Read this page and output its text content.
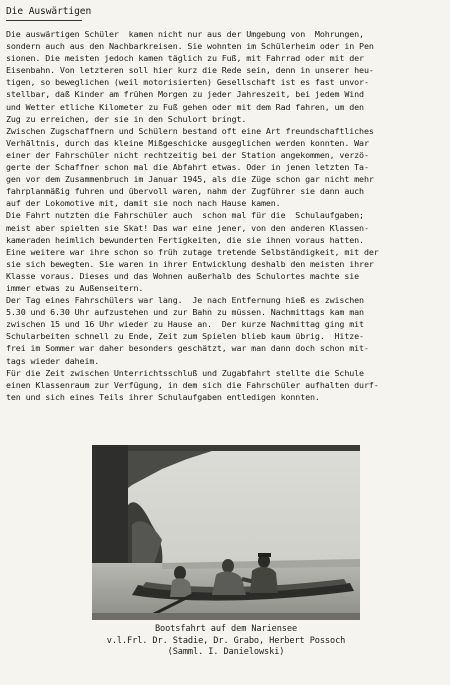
Die Auswärtigen
Die auswärtigen Schüler  kamen nicht nur aus der Umgebung von  Mohrungen,
sondern auch aus den Nachbarkreisen. Sie wohnten im Schülerheim oder in Pen
sionen. Die meisten jedoch kamen täglich zu Fuß, mit Fahrrad oder mit der
Eisenbahn. Von letzteren soll hier kurz die Rede sein, denn in unserer heu-
tigen, so beweglichen (weil motorisierten) Gesellschaft ist es fast unvor-
stellbar, daß Kinder am frühen Morgen zu jeder Jahreszeit, bei jedem Wind
und Wetter etliche Kilometer zu Fuß gehen oder mit dem Rad fahren, um den
Zug zu erreichen, der sie in den Schulort bringt.
Zwischen Zugschaffnern und Schülern bestand oft eine Art freundschaftliches
Verhältnis, durch das kleine Mißgeschicke ausgeglichen werden konnten. War
einer der Fahrschüler nicht rechtzeitig bei der Station angekommen, verzö-
gerte der Schaffner schon mal die Abfahrt etwas. Oder in jenen letzten Ta-
gen vor dem Zusammenbruch im Januar 1945, als die Züge schon gar nicht mehr
fahrplanmäßig fuhren und übervoll waren, nahm der Zugführer sie dann auch
auf der Lokomotive mit, damit sie noch nach Hause kamen.
Die Fahrt nutzten die Fahrschüler auch  schon mal für die  Schulaufgaben;
meist aber spielten sie Skat! Das war eine jener, von den anderen Klassen-
kameraden heimlich bewunderten Fertigkeiten, die sie ihnen voraus hatten.
Eine weitere war ihre schon so früh zutage tretende Selbständigkeit, mit der
sie sich bewegten. Sie waren in ihrer Entwicklung deshalb den meisten ihrer
Klasse voraus. Dieses und das Wohnen außerhalb des Schulortes machte sie
immer etwas zu Außenseitern.
Der Tag eines Fahrschülers war lang.  Je nach Entfernung hieß es zwischen
5.30 und 6.30 Uhr aufzustehen und zur Bahn zu müssen. Nachmittags kam man
zwischen 15 und 16 Uhr wieder zu Hause an.  Der kurze Nachmittag ging mit
Schularbeiten schnell zu Ende, Zeit zum Spielen blieb kaum übrig.  Hitze-
frei im Sommer war daher besonders geschätzt, war man dann doch schon mit-
tags wieder daheim.
Für die Zeit zwischen Unterrichtsschluß und Zugabfahrt stellte die Schule
einen Klassenraum zur Verfügung, in dem sich die Fahrschüler aufhalten durf-
ten und sich eines Teils ihrer Schulaufgaben entledigen konnten.
Bootsfahrt auf dem Nariensee
v.l.Frl. Dr. Stadie, Dr. Grabo, Herbert Possoch
(Samml. I. Danielowski)
